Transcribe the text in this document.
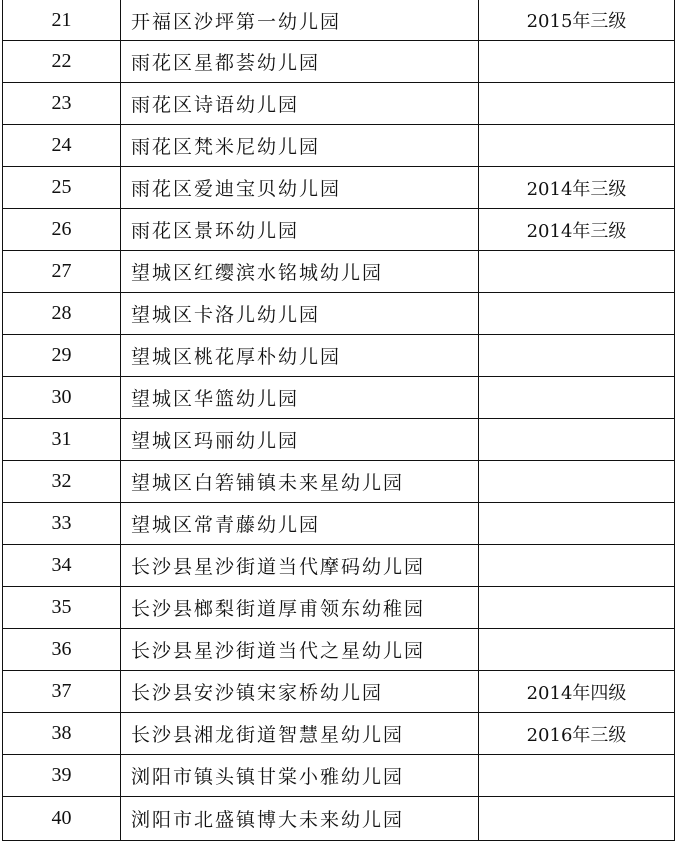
21	开福区沙坪第一幼儿园	2015年三级
22	雨花区星都荟幼儿园	
23	雨花区诗语幼儿园	
24	雨花区梵米尼幼儿园	
25	雨花区爱迪宝贝幼儿园	2014年三级
26	雨花区景环幼儿园	2014年三级
27	望城区红缨滨水铭城幼儿园	
28	望城区卡洛儿幼儿园	
29	望城区桃花厚朴幼儿园	
30	望城区华篮幼儿园	
31	望城区玛丽幼儿园	
32	望城区白箬铺镇未来星幼儿园	
33	望城区常青藤幼儿园	
34	长沙县星沙街道当代摩码幼儿园	
35	长沙县榔梨街道厚甫领东幼稚园	
36	长沙县星沙街道当代之星幼儿园	
37	长沙县安沙镇宋家桥幼儿园	2014年四级
38	长沙县湘龙街道智慧星幼儿园	2016年三级
39	浏阳市镇头镇甘棠小雅幼儿园	
40	浏阳市北盛镇博大未来幼儿园	
